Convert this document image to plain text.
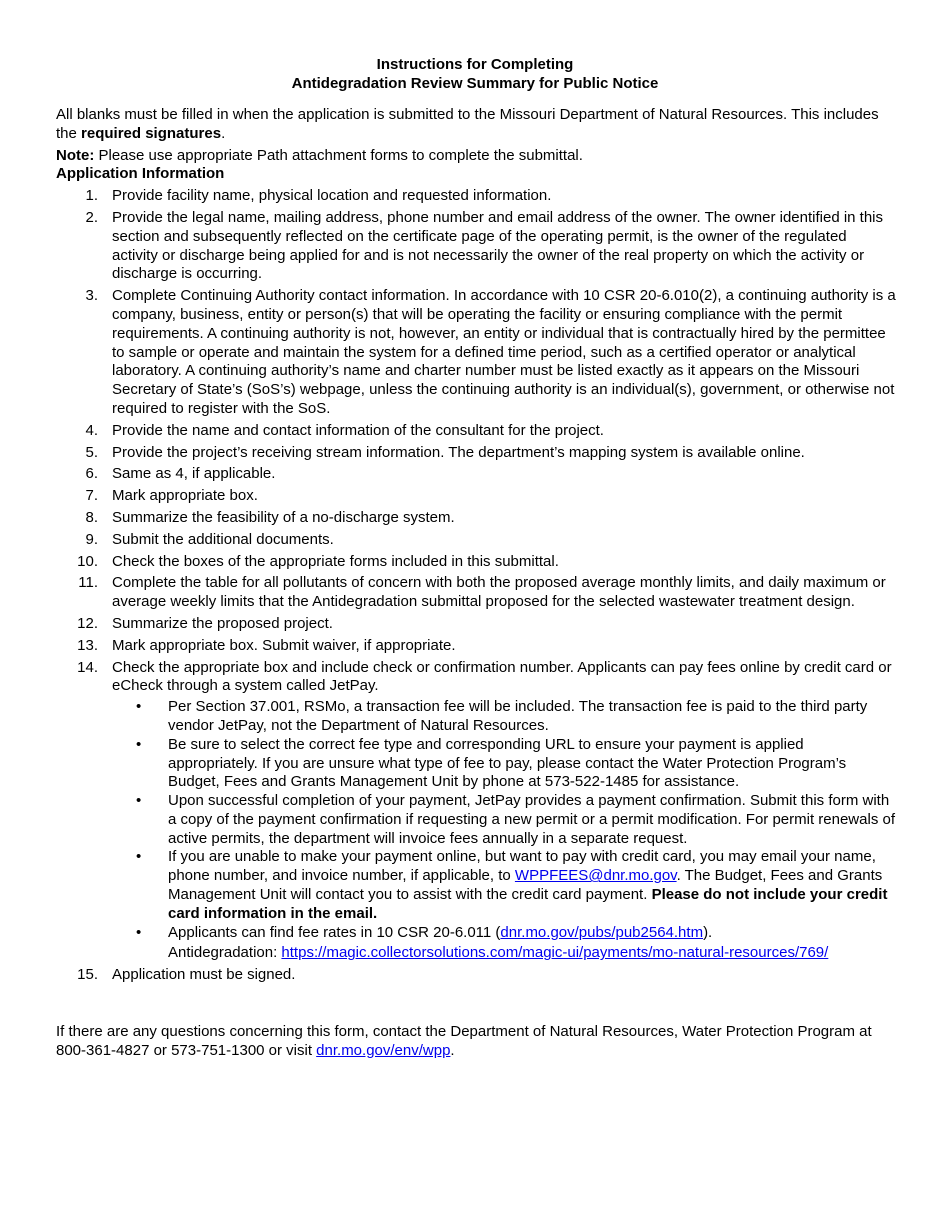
Instructions for Completing
Antidegradation Review Summary for Public Notice

All blanks must be filled in when the application is submitted to the Missouri Department of Natural Resources. This includes the required signatures.

Note: Please use appropriate Path attachment forms to complete the submittal.

Application Information

1. Provide facility name, physical location and requested information.
2. Provide the legal name, mailing address, phone number and email address of the owner. The owner identified in this section and subsequently reflected on the certificate page of the operating permit, is the owner of the regulated activity or discharge being applied for and is not necessarily the owner of the real property on which the activity or discharge is occurring.
3. Complete Continuing Authority contact information. In accordance with 10 CSR 20-6.010(2), a continuing authority is a company, business, entity or person(s) that will be operating the facility or ensuring compliance with the permit requirements. A continuing authority is not, however, an entity or individual that is contractually hired by the permittee to sample or operate and maintain the system for a defined time period, such as a certified operator or analytical laboratory. A continuing authority’s name and charter number must be listed exactly as it appears on the Missouri Secretary of State’s (SoS’s) webpage, unless the continuing authority is an individual(s), government, or otherwise not required to register with the SoS.
4. Provide the name and contact information of the consultant for the project.
5. Provide the project’s receiving stream information. The department’s mapping system is available online.
6. Same as 4, if applicable.
7. Mark appropriate box.
8. Summarize the feasibility of a no-discharge system.
9. Submit the additional documents.
10. Check the boxes of the appropriate forms included in this submittal.
11. Complete the table for all pollutants of concern with both the proposed average monthly limits, and daily maximum or average weekly limits that the Antidegradation submittal proposed for the selected wastewater treatment design.
12. Summarize the proposed project.
13. Mark appropriate box. Submit waiver, if appropriate.
14. Check the appropriate box and include check or confirmation number. Applicants can pay fees online by credit card or eCheck through a system called JetPay.
• Per Section 37.001, RSMo, a transaction fee will be included. The transaction fee is paid to the third party vendor JetPay, not the Department of Natural Resources.
• Be sure to select the correct fee type and corresponding URL to ensure your payment is applied appropriately. If you are unsure what type of fee to pay, please contact the Water Protection Program’s Budget, Fees and Grants Management Unit by phone at 573-522-1485 for assistance.
• Upon successful completion of your payment, JetPay provides a payment confirmation. Submit this form with a copy of the payment confirmation if requesting a new permit or a permit modification. For permit renewals of active permits, the department will invoice fees annually in a separate request.
• If you are unable to make your payment online, but want to pay with credit card, you may email your name, phone number, and invoice number, if applicable, to WPPFEES@dnr.mo.gov. The Budget, Fees and Grants Management Unit will contact you to assist with the credit card payment. Please do not include your credit card information in the email.
• Applicants can find fee rates in 10 CSR 20-6.011 (dnr.mo.gov/pubs/pub2564.htm).
Antidegradation: https://magic.collectorsolutions.com/magic-ui/payments/mo-natural-resources/769/
15. Application must be signed.

If there are any questions concerning this form, contact the Department of Natural Resources, Water Protection Program at 800-361-4827 or 573-751-1300 or visit dnr.mo.gov/env/wpp.
